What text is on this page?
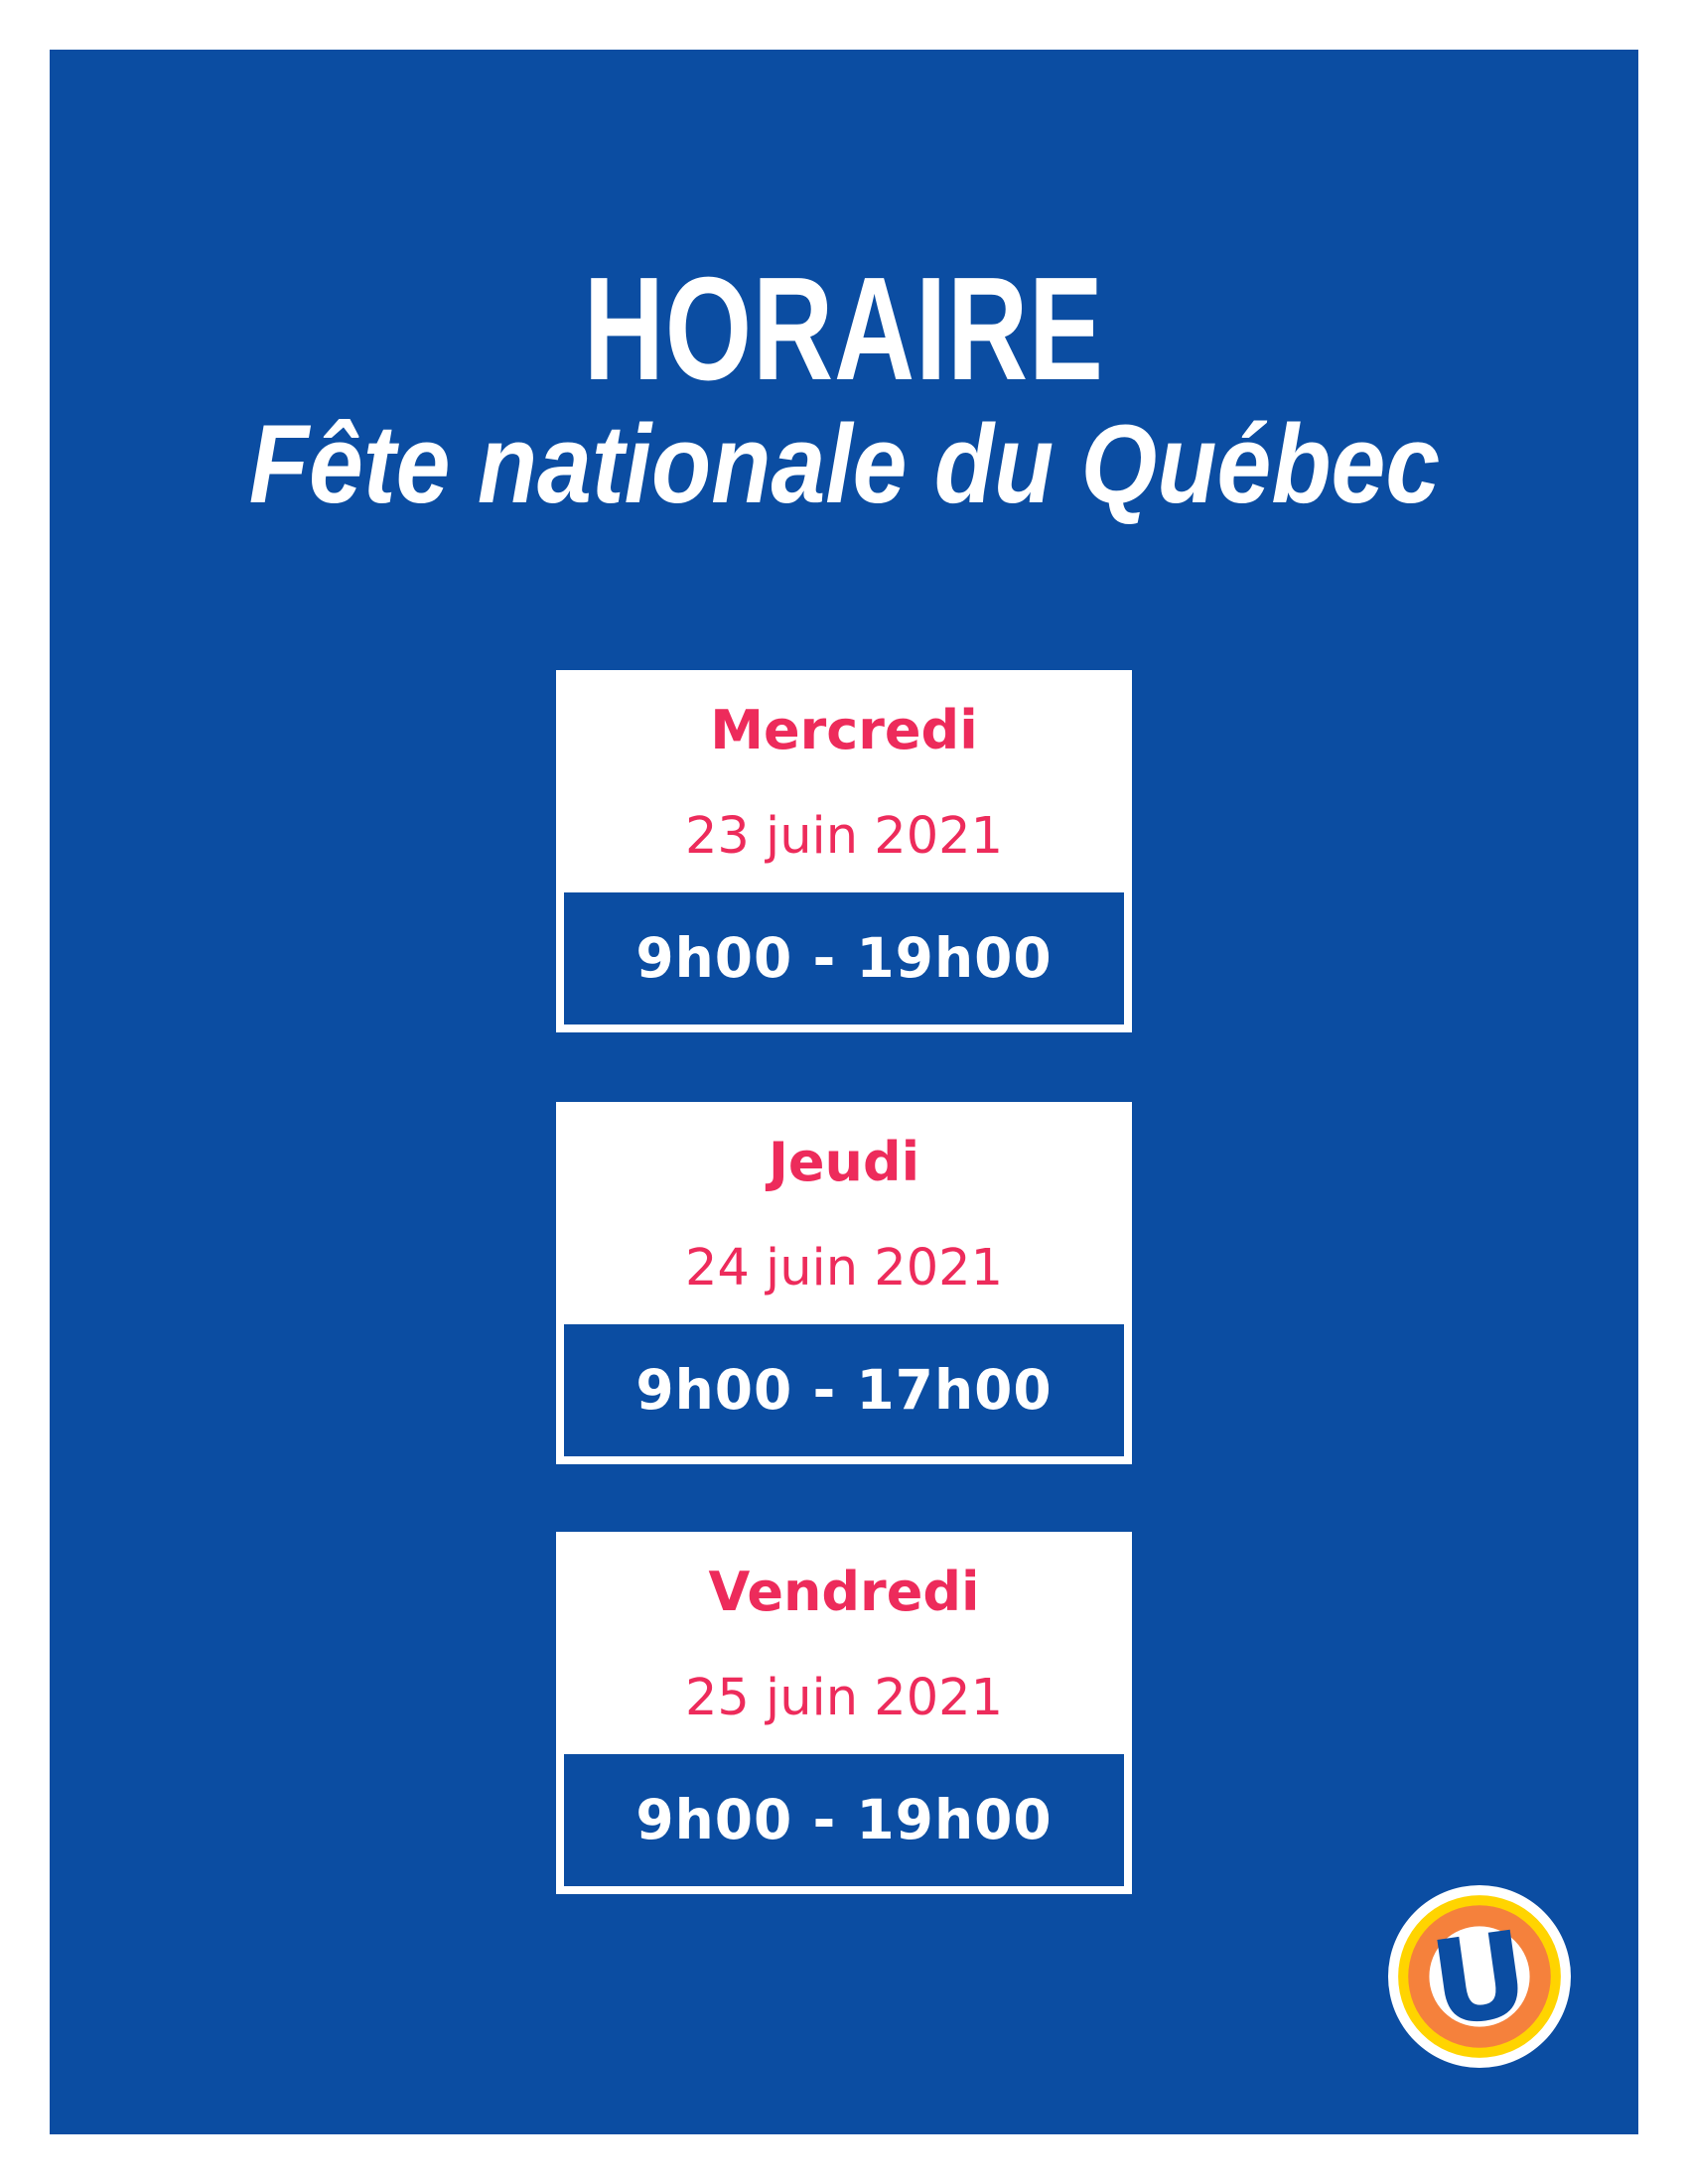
HORAIRE
Fête nationale du Québec
Mercredi
23 juin 2021
9h00 - 19h00
Jeudi
24 juin 2021
9h00 - 17h00
Vendredi
25 juin 2021
9h00 - 19h00
U
